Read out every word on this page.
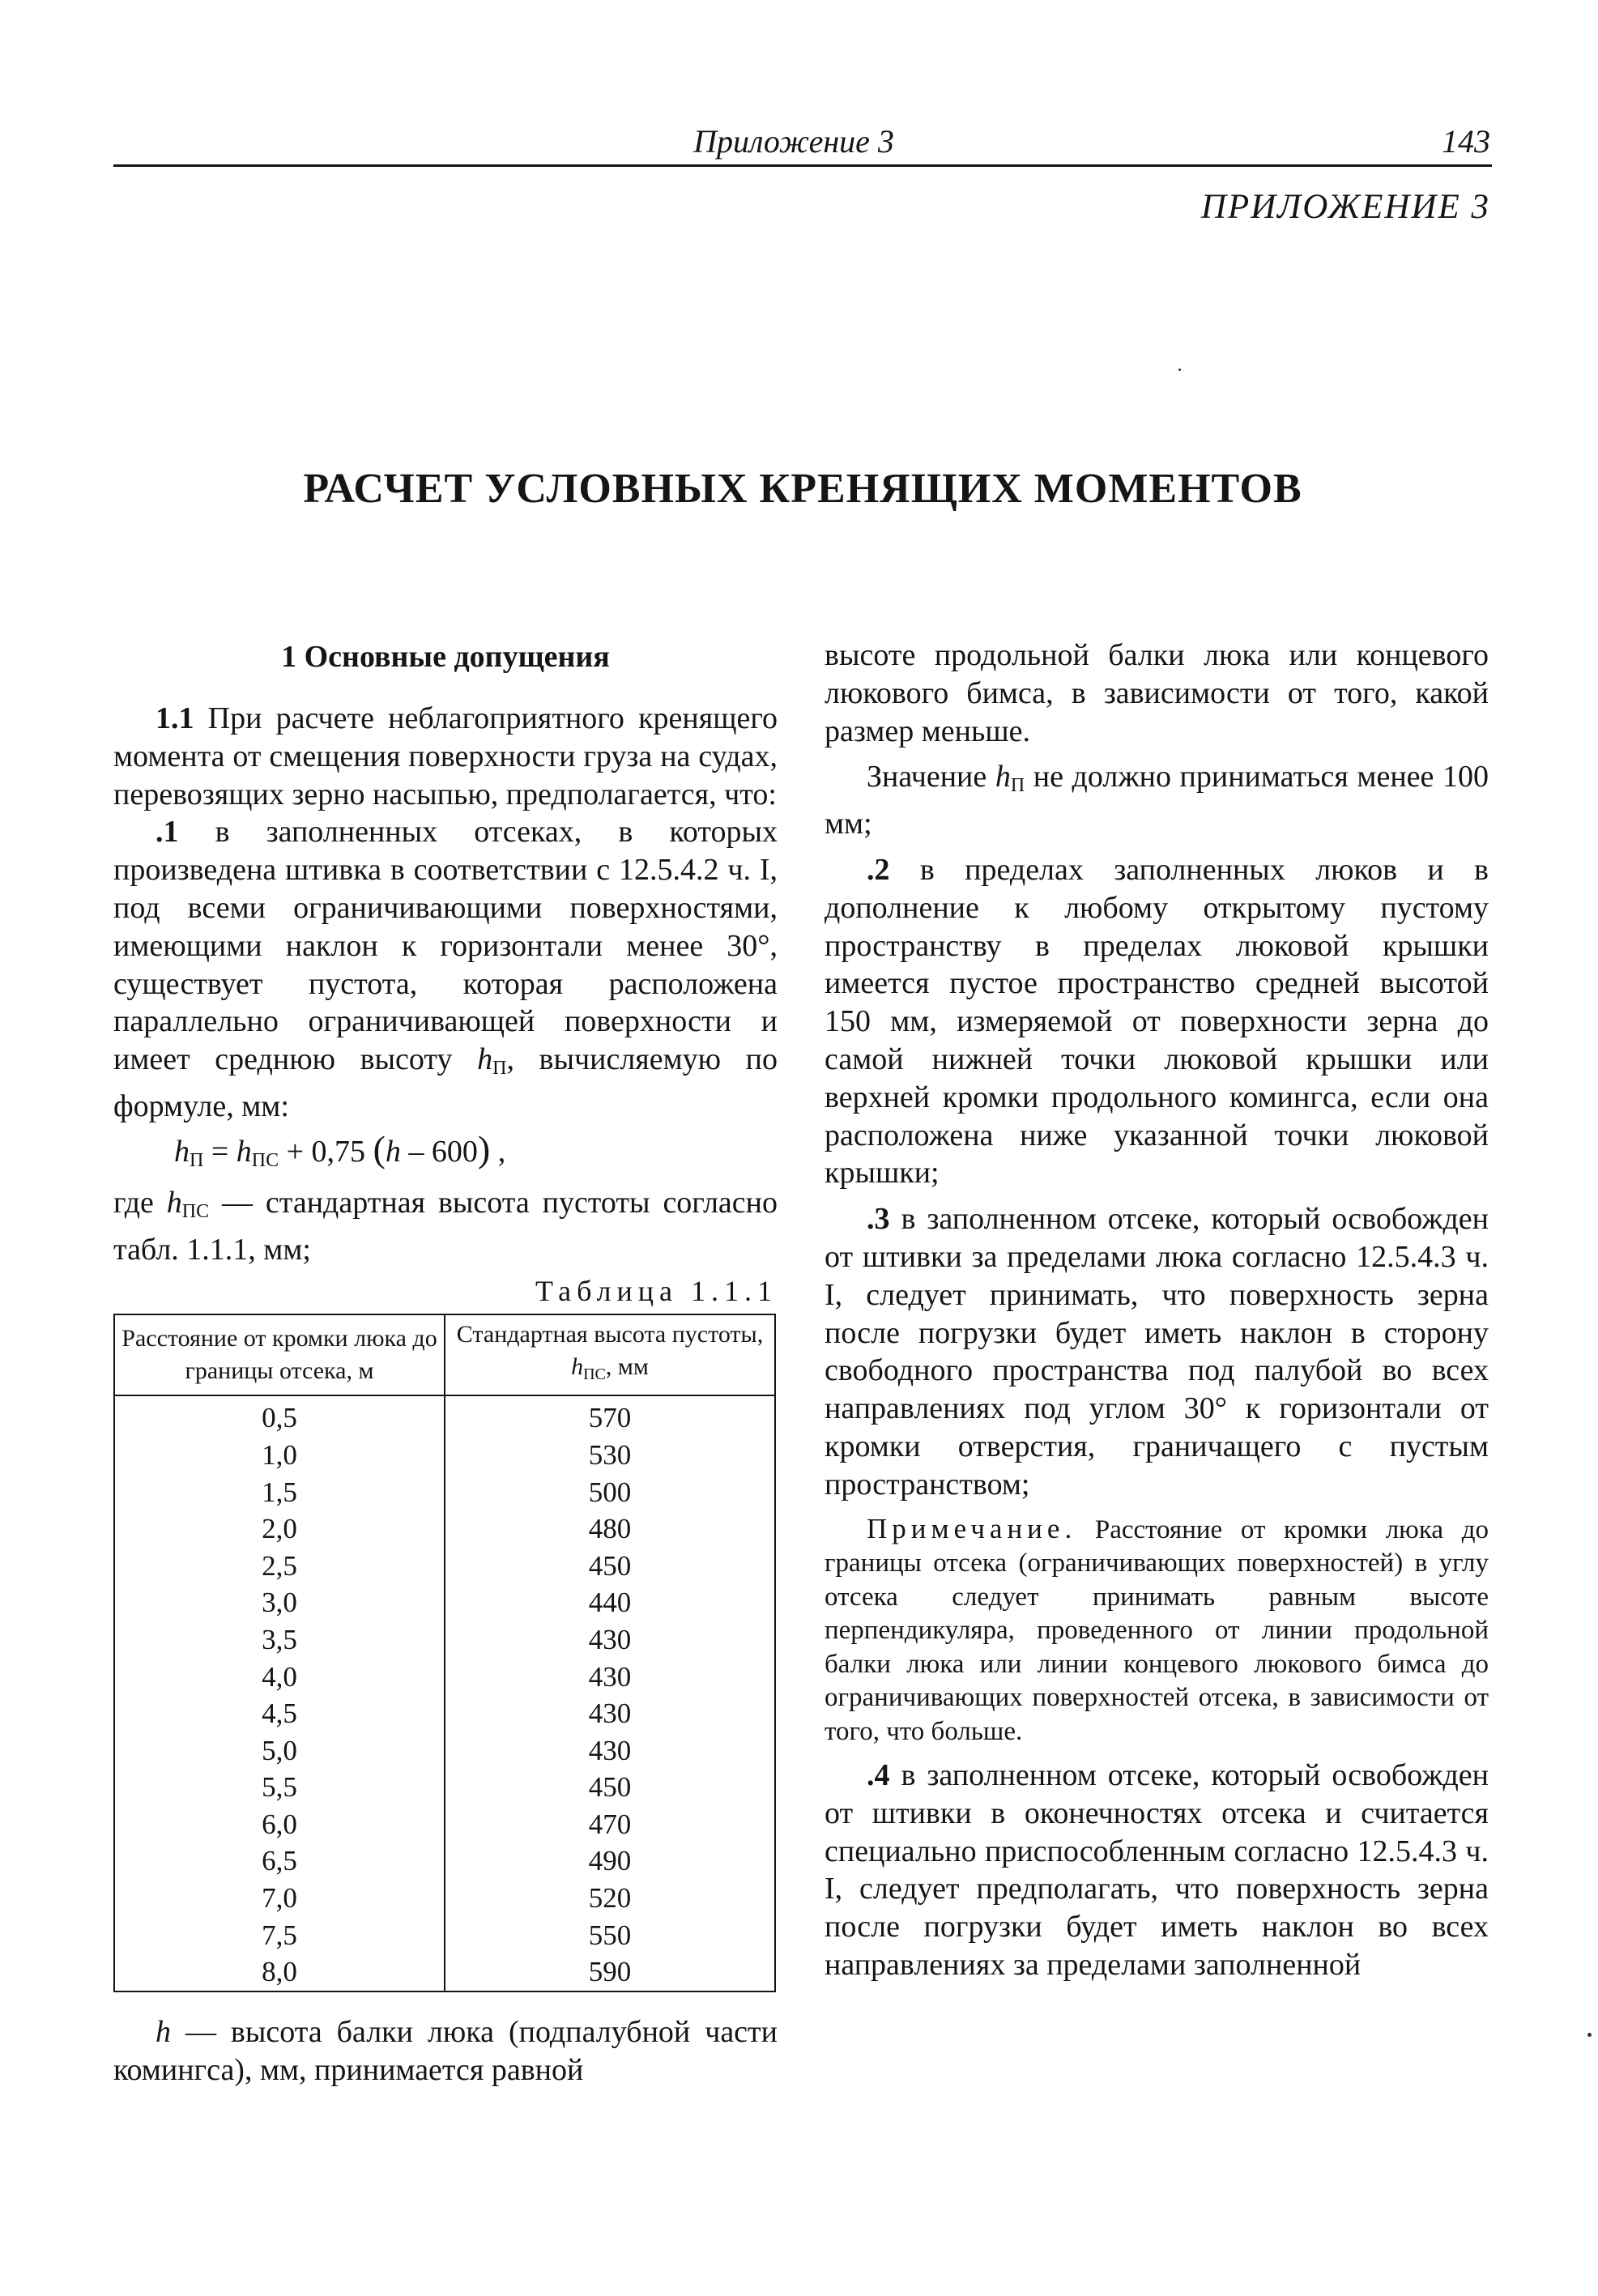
Приложение 3	143
ПРИЛОЖЕНИЕ 3
РАСЧЕТ УСЛОВНЫХ КРЕНЯЩИХ МОМЕНТОВ

1 Основные допущения

1.1 При расчете неблагоприятного кренящего момента от смещения поверхности груза на судах, перевозящих зерно насыпью, предполагается, что:

.1 в заполненных отсеках, в которых произведена штивка в соответствии с 12.5.4.2 ч. I, под всеми ограничивающими поверхностями, имеющими наклон к горизонтали менее 30°, существует пустота, которая расположена параллельно ограничивающей поверхности и имеет среднюю высоту $h_П$, вычисляемую по формуле, мм:

$h_П = h_{ПС} + 0,75$ (h – 600) ,

где $h_{ПС}$ — стандартная высота пустоты согласно табл. 1.1.1, мм;

Таблица 1.1.1

Расстояние от кромки люка до границы отсека, м	Стандартная высота пустоты, $h_{ПС}$, мм
0,5	570
1,0	530
1,5	500
2,0	480
2,5	450
3,0	440
3,5	430
4,0	430
4,5	430
5,0	430
5,5	450
6,0	470
6,5	490
7,0	520
7,5	550
8,0	590

h — высота балки люка (подпалубной части комингса), мм, принимается равной

высоте продольной балки люка или концевого люкового бимса, в зависимости от того, какой размер меньше.

Значение $h_П$ не должно приниматься менее 100 мм;

.2 в пределах заполненных люков и в дополнение к любому открытому пустому пространству в пределах люковой крышки имеется пустое пространство средней высотой 150 мм, измеряемой от поверхности зерна до самой нижней точки люковой крышки или верхней кромки продольного комингса, если она расположена ниже указанной точки люковой крышки;

.3 в заполненном отсеке, который освобожден от штивки за пределами люка согласно 12.5.4.3 ч. I, следует принимать, что поверхность зерна после погрузки будет иметь наклон в сторону свободного пространства под палубой во всех направлениях под углом 30° к горизонтали от кромки отверстия, граничащего с пустым пространством;

Примечание. Расстояние от кромки люка до границы отсека (ограничивающих поверхностей) в углу отсека следует принимать равным высоте перпендикуляра, проведенного от линии продольной балки люка или линии концевого люкового бимса до ограничивающих поверхностей отсека, в зависимости от того, что больше.

.4 в заполненном отсеке, который освобожден от штивки в оконечностях отсека и считается специально приспособленным согласно 12.5.4.3 ч. I, следует предполагать, что поверхность зерна после погрузки будет иметь наклон во всех направлениях за пределами заполненной
